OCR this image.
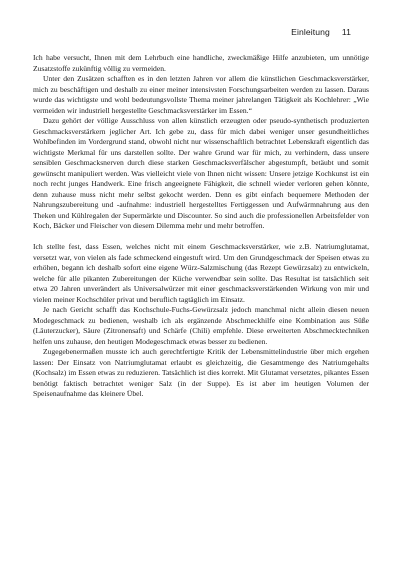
Einleitung 11

Ich habe versucht, Ihnen mit dem Lehrbuch eine handliche, zweckmäßige Hilfe anzubieten, um unnötige Zusatzstoffe zukünftig völlig zu vermeiden.

Unter den Zusätzen schafften es in den letzten Jahren vor allem die künstlichen Geschmacksverstärker, mich zu beschäftigen und deshalb zu einer meiner intensivsten Forschungsarbeiten werden zu lassen. Daraus wurde das wichtigste und wohl bedeutungsvollste Thema meiner jahrelangen Tätigkeit als Kochlehrer: „Wie vermeiden wir industriell hergestellte Geschmacksverstärker im Essen.“

Dazu gehört der völlige Ausschluss von allen künstlich erzeugten oder pseudo-synthetisch produzierten Geschmacksverstärkern jeglicher Art. Ich gebe zu, dass für mich dabei weniger unser gesundheitliches Wohlbefinden im Vordergrund stand, obwohl nicht nur wissenschaftlich betrachtet Lebenskraft eigentlich das wichtigste Merkmal für uns darstellen sollte. Der wahre Grund war für mich, zu verhindern, dass unsere sensiblen Geschmacksnerven durch diese starken Geschmacksverfälscher abgestumpft, betäubt und somit gewünscht manipuliert werden. Was vielleicht viele von Ihnen nicht wissen: Unsere jetzige Kochkunst ist ein noch recht junges Handwerk. Eine frisch angeeignete Fähigkeit, die schnell wieder verloren gehen könnte, denn zuhause muss nicht mehr selbst gekocht werden. Denn es gibt einfach bequemere Methoden der Nahrungszubereitung und -aufnahme: industriell hergestelltes Fertiggessen und Aufwärmnahrung aus den Theken und Kühlregalen der Supermärkte und Discounter. So sind auch die professionellen Arbeitsfelder von Koch, Bäcker und Fleischer von diesem Dilemma mehr und mehr betroffen.

Ich stellte fest, dass Essen, welches nicht mit einem Geschmacksverstärker, wie z.B. Natriumglutamat, versetzt war, von vielen als fade schmeckend eingestuft wird. Um den Grundgeschmack der Speisen etwas zu erhöhen, begann ich deshalb sofort eine eigene Würz-Salzmischung (das Rezept Gewürzsalz) zu entwickeln, welche für alle pikanten Zubereitungen der Küche verwendbar sein sollte. Das Resultat ist tatsächlich seit etwa 20 Jahren unverändert als Universalwürzer mit einer geschmacksverstärkenden Wirkung von mir und vielen meiner Kochschüler privat und beruflich tagtäglich im Einsatz.

Je nach Gericht schafft das Kochschule-Fuchs-Gewürzsalz jedoch manchmal nicht allein diesen neuen Modegeschmack zu bedienen, weshalb ich als ergänzende Abschmeckhilfe eine Kombination aus Süße (Läuterzucker), Säure (Zitronensaft) und Schärfe (Chili) empfehle. Diese erweiterten Abschmecktechniken helfen uns zuhause, den heutigen Modegeschmack etwas besser zu bedienen.

Zugegebenermaßen musste ich auch gerechtfertigte Kritik der Lebensmittelindustrie über mich ergehen lassen: Der Einsatz von Natriumglutamat erlaubt es gleichzeitig, die Gesamtmenge des Natriumgehalts (Kochsalz) im Essen etwas zu reduzieren. Tatsächlich ist dies korrekt. Mit Glutamat versetztes, pikantes Essen benötigt faktisch betrachtet weniger Salz (in der Suppe). Es ist aber im heutigen Volumen der Speisenaufnahme das kleinere Übel.
